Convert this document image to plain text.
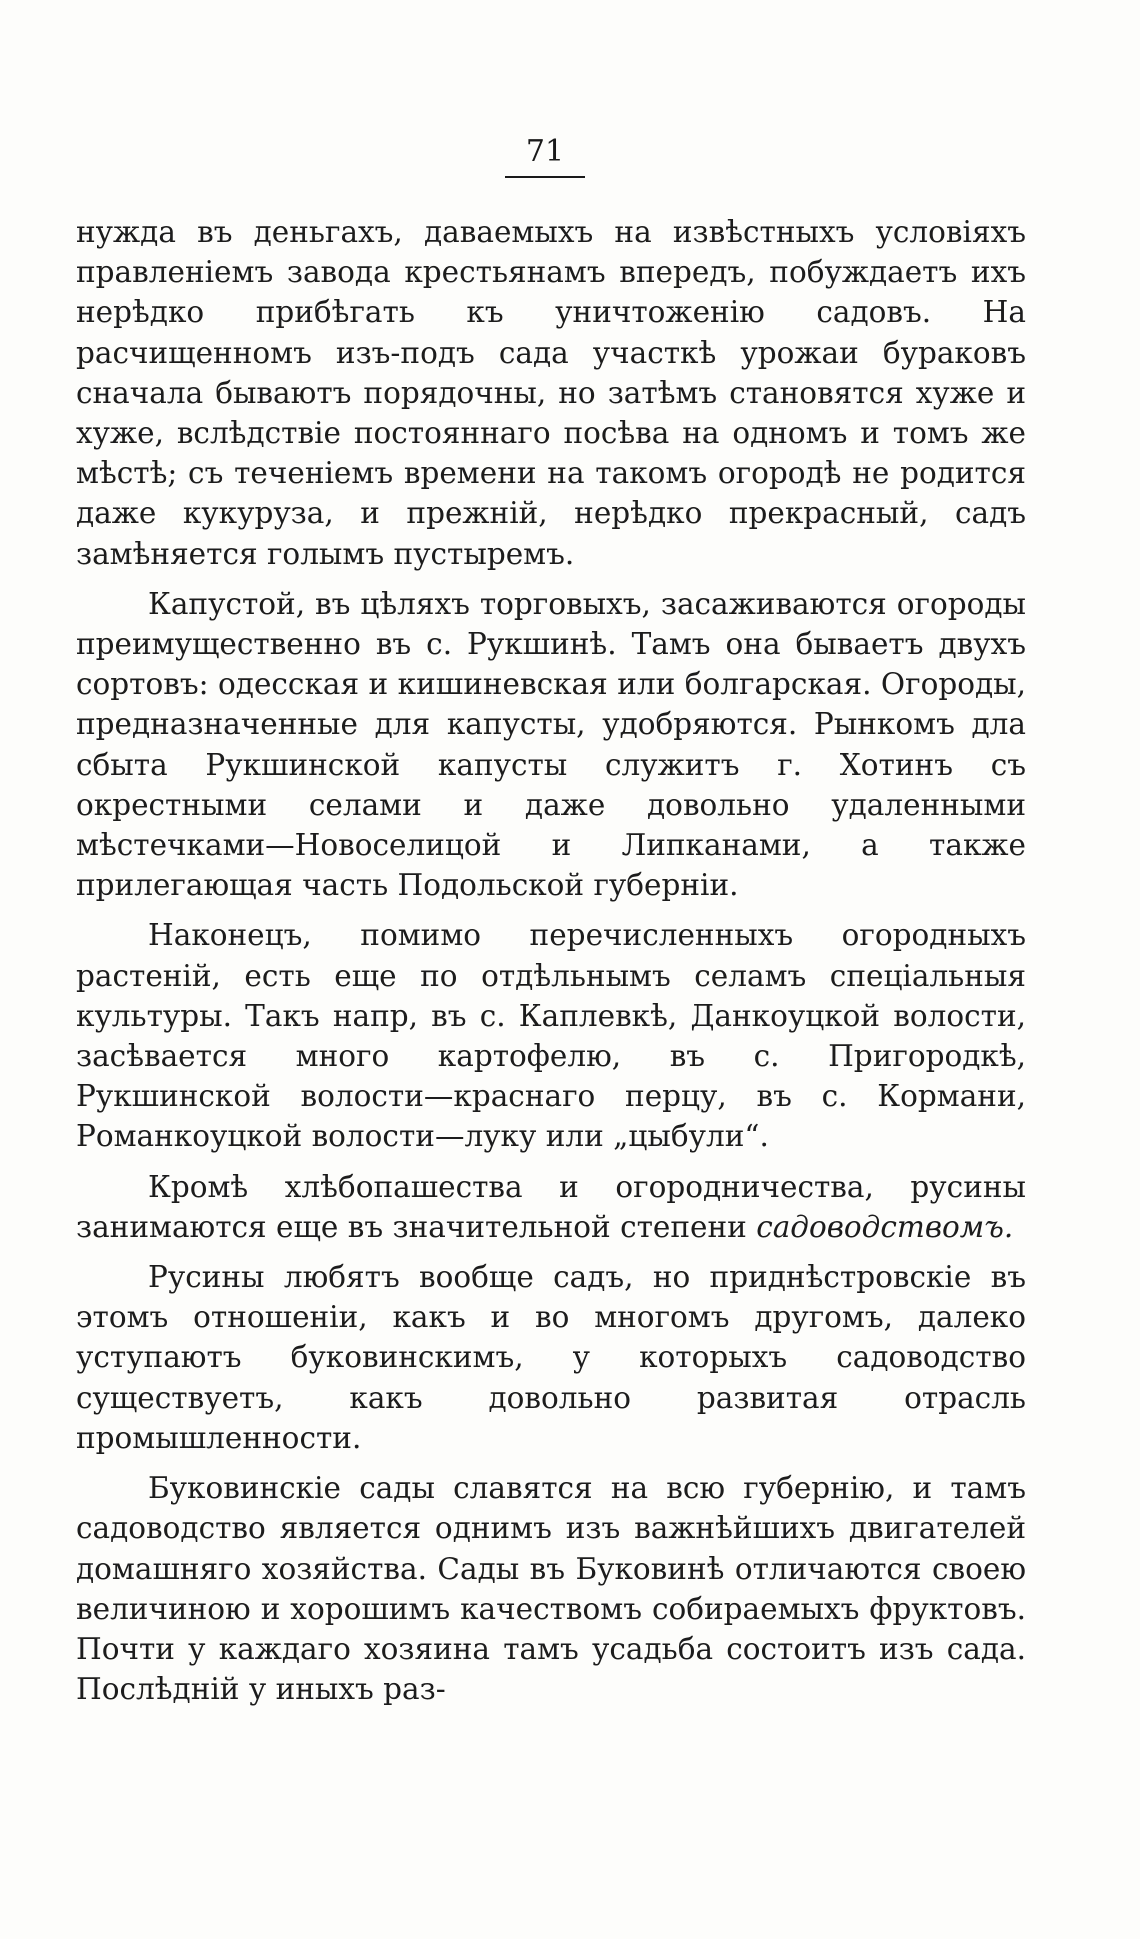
71

нужда въ деньгахъ, даваемыхъ на извѣстныхъ условіяхъ правленіемъ завода крестьянамъ впередъ, побуждаетъ ихъ нерѣдко прибѣгать къ уничтоженію садовъ. На расчищенномъ изъ-подъ сада участкѣ урожаи бураковъ сначала бываютъ порядочны, но затѣмъ становятся хуже и хуже, вслѣдствіе постояннаго посѣва на одномъ и томъ же мѣстѣ; съ теченіемъ времени на такомъ огородѣ не родится даже кукуруза, и прежній, нерѣдко прекрасный, садъ замѣняется голымъ пустыремъ.

Капустой, въ цѣляхъ торговыхъ, засаживаются огороды преимущественно въ с. Рукшинѣ. Тамъ она бываетъ двухъ сортовъ: одесская и кишиневская или болгарская. Огороды, предназначенные для капусты, удобряются. Рынкомъ дла сбыта Рукшинской капусты служитъ г. Хотинъ съ окрестными селами и даже довольно удаленными мѣстечками—Новоселицой и Липканами, а также прилегающая часть Подольской губерніи.

Наконецъ, помимо перечисленныхъ огородныхъ растеній, есть еще по отдѣльнымъ селамъ спеціальныя культуры. Такъ напр, въ с. Каплевкѣ, Данкоуцкой волости, засѣвается много картофелю, въ с. Пригородкѣ, Рукшинской волости—краснаго перцу, въ с. Кормани, Романкоуцкой волости—луку или „цыбули“.

Кромѣ хлѣбопашества и огородничества, русины занимаются еще въ значительной степени садоводствомъ.

Русины любятъ вообще садъ, но приднѣстровскіе въ этомъ отношеніи, какъ и во многомъ другомъ, далеко уступаютъ буковинскимъ, у которыхъ садоводство существуетъ, какъ довольно развитая отрасль промышленности.

Буковинскіе сады славятся на всю губернію, и тамъ садоводство является однимъ изъ важнѣйшихъ двигателей домашняго хозяйства. Сады въ Буковинѣ отличаются своею величиною и хорошимъ качествомъ собираемыхъ фруктовъ. Почти у каждаго хозяина тамъ усадьба состоитъ изъ сада. Послѣдній у иныхъ раз-
